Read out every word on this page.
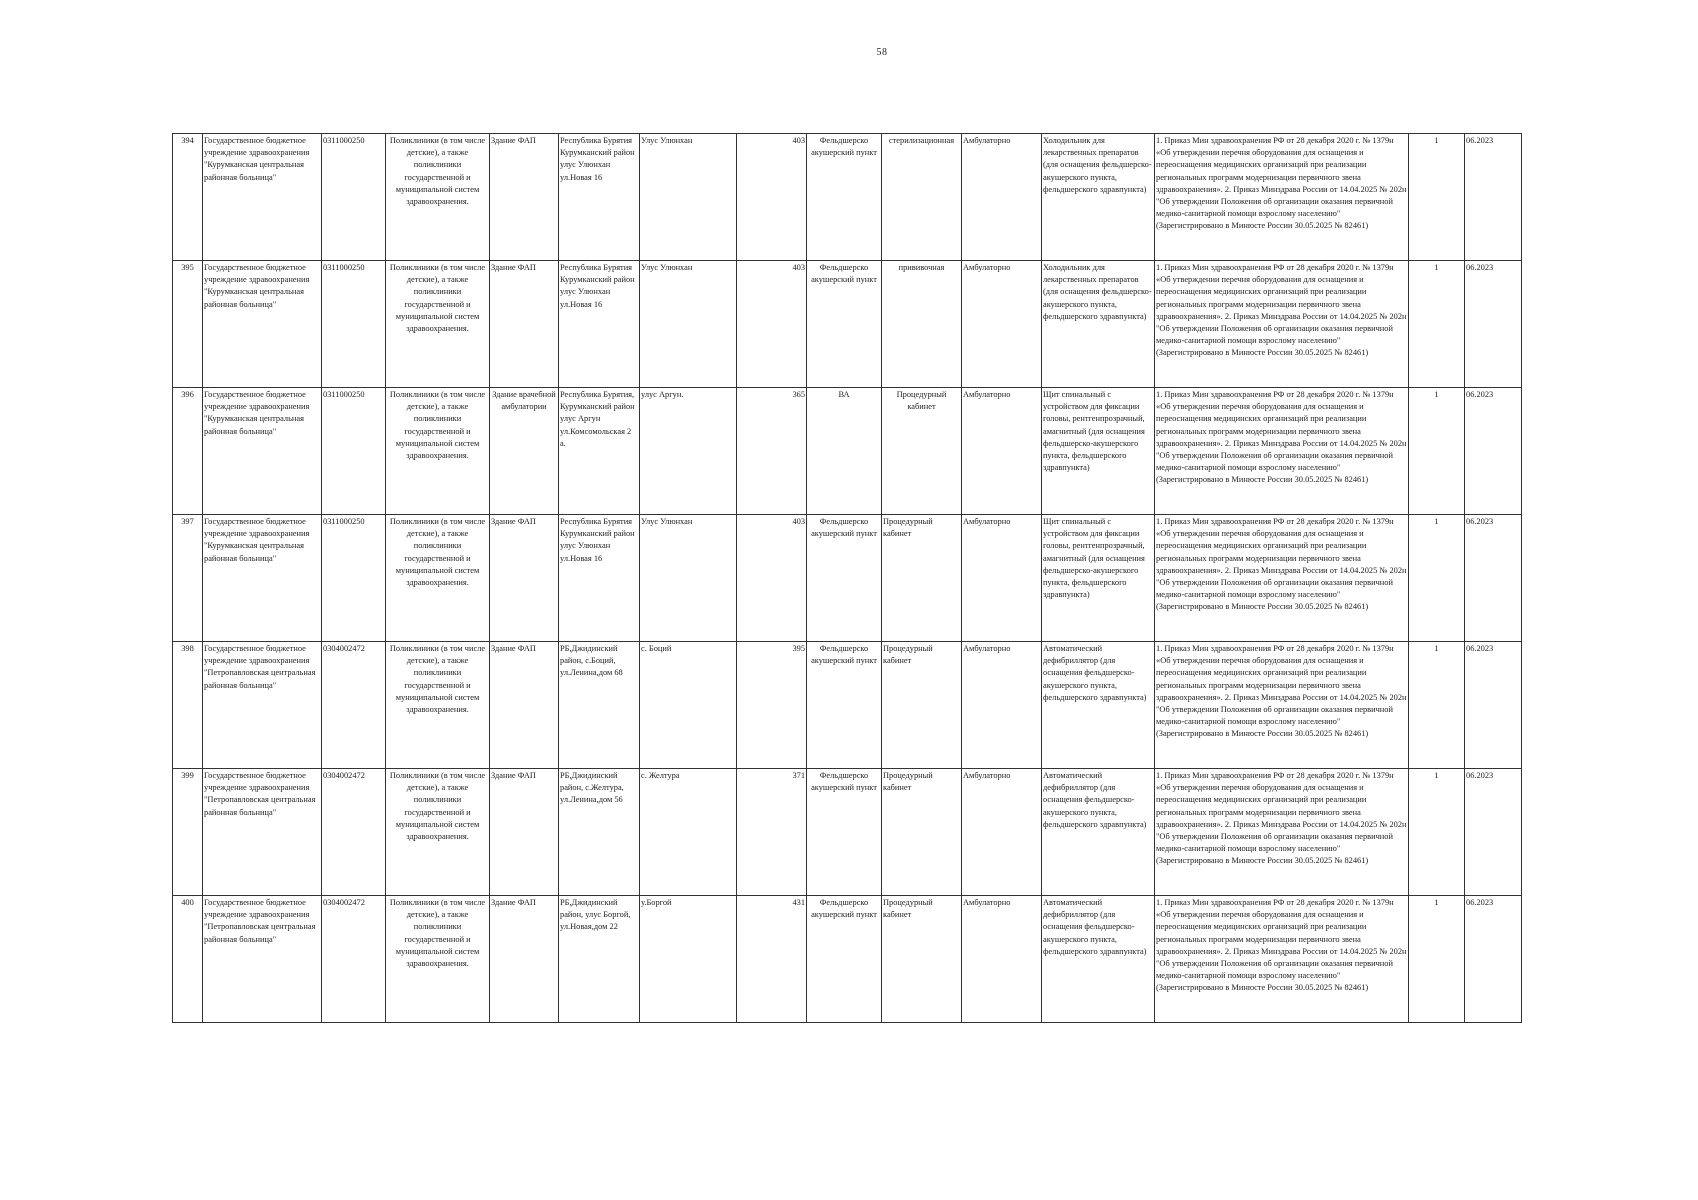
58
394	Государственное бюджетное учреждение здравоохранения "Курумканская центральная районная больница"	0311000250	Поликлиники (в том числе детские), а также поликлиники государственной и муниципальной систем здравоохранения.	Здание ФАП	Республика Бурятия Курумканский район улус Улюнхан ул.Новая 16	Улус Улюнхан	403	Фельдшерско акушерский пункт	стерилизационная	Амбулаторно	Холодильник для лекарственных препаратов (для оснащения фельдшерско-акушерского пункта, фельдшерского здравпункта)	1. Приказ Мин здравоохранения РФ от 28 декабря 2020 г. № 1379н «Об утверждении перечня оборудования для оснащения и переоснащения медицинских организаций при реализации региональных программ модернизации первичного звена здравоохранения». 2. Приказ Минздрава России от 14.04.2025 № 202н "Об утверждении Положения об организации оказания первичной медико-санитарной помощи взрослому населению" (Зарегистрировано в Минюсте России 30.05.2025 № 82461)	1	06.2023
395	Государственное бюджетное учреждение здравоохранения "Курумканская центральная районная больница"	0311000250	Поликлиники (в том числе детские), а также поликлиники государственной и муниципальной систем здравоохранения.	Здание ФАП	Республика Бурятия Курумканский район улус Улюнхан ул.Новая 16	Улус Улюнхан	403	Фельдшерско акушерский пункт	прививочная	Амбулаторно	Холодильник для лекарственных препаратов (для оснащения фельдшерско-акушерского пункта, фельдшерского здравпункта)	1. Приказ Мин здравоохранения РФ от 28 декабря 2020 г. № 1379н «Об утверждении перечня оборудования для оснащения и переоснащения медицинских организаций при реализации региональных программ модернизации первичного звена здравоохранения». 2. Приказ Минздрава России от 14.04.2025 № 202н "Об утверждении Положения об организации оказания первичной медико-санитарной помощи взрослому населению" (Зарегистрировано в Минюсте России 30.05.2025 № 82461)	1	06.2023
396	Государственное бюджетное учреждение здравоохранения "Курумканская центральная районная больница"	0311000250	Поликлиники (в том числе детские), а также поликлиники государственной и муниципальной систем здравоохранения.	Здание врачебной амбулатории	Республика Бурятия, Курумканский район улус Аргун ул.Комсомольская 2 а.	улус Аргун.	365	ВА	Процедурный кабинет	Амбулаторно	Щит спинальный с устройством для фиксации головы, рентгенпрозрачный, амагнитный (для оснащения фельдшерско-акушерского пункта, фельдшерского здравпункта)	1. Приказ Мин здравоохранения РФ от 28 декабря 2020 г. № 1379н «Об утверждении перечня оборудования для оснащения и переоснащения медицинских организаций при реализации региональных программ модернизации первичного звена здравоохранения». 2. Приказ Минздрава России от 14.04.2025 № 202н "Об утверждении Положения об организации оказания первичной медико-санитарной помощи взрослому населению" (Зарегистрировано в Минюсте России 30.05.2025 № 82461)	1	06.2023
397	Государственное бюджетное учреждение здравоохранения "Курумканская центральная районная больница"	0311000250	Поликлиники (в том числе детские), а также поликлиники государственной и муниципальной систем здравоохранения.	Здание ФАП	Республика Бурятия Курумканский район улус Улюнхан ул.Новая 16	Улус Улюнхан	403	Фельдшерско акушерский пункт	Процедурный кабинет	Амбулаторно	Щит спинальный с устройством для фиксации головы, рентгенпрозрачный, амагнитный (для оснащения фельдшерско-акушерского пункта, фельдшерского здравпункта)	1. Приказ Мин здравоохранения РФ от 28 декабря 2020 г. № 1379н «Об утверждении перечня оборудования для оснащения и переоснащения медицинских организаций при реализации региональных программ модернизации первичного звена здравоохранения». 2. Приказ Минздрава России от 14.04.2025 № 202н "Об утверждении Положения об организации оказания первичной медико-санитарной помощи взрослому населению" (Зарегистрировано в Минюсте России 30.05.2025 № 82461)	1	06.2023
398	Государственное бюджетное учреждение здравоохранения "Петропавловская центральная районная больница"	0304002472	Поликлиники (в том числе детские), а также поликлиники государственной и муниципальной систем здравоохранения.	Здание ФАП	РБ,Джидинский район, с.Боций, ул.Ленина,дом 68	с. Боций	395	Фельдшерско акушерский пункт	Процедурный кабинет	Амбулаторно	Автоматический дефибриллятор (для оснащения фельдшерско-акушерского пункта, фельдшерского здравпункта)	1. Приказ Мин здравоохранения РФ от 28 декабря 2020 г. № 1379н «Об утверждении перечня оборудования для оснащения и переоснащения медицинских организаций при реализации региональных программ модернизации первичного звена здравоохранения». 2. Приказ Минздрава России от 14.04.2025 № 202н "Об утверждении Положения об организации оказания первичной медико-санитарной помощи взрослому населению" (Зарегистрировано в Минюсте России 30.05.2025 № 82461)	1	06.2023
399	Государственное бюджетное учреждение здравоохранения "Петропавловская центральная районная больница"	0304002472	Поликлиники (в том числе детские), а также поликлиники государственной и муниципальной систем здравоохранения.	Здание ФАП	РБ,Джидинский район, с.Желтура, ул.Ленина,дом 56	с. Желтура	371	Фельдшерско акушерский пункт	Процедурный кабинет	Амбулаторно	Автоматический дефибриллятор (для оснащения фельдшерско-акушерского пункта, фельдшерского здравпункта)	1. Приказ Мин здравоохранения РФ от 28 декабря 2020 г. № 1379н «Об утверждении перечня оборудования для оснащения и переоснащения медицинских организаций при реализации региональных программ модернизации первичного звена здравоохранения». 2. Приказ Минздрава России от 14.04.2025 № 202н "Об утверждении Положения об организации оказания первичной медико-санитарной помощи взрослому населению" (Зарегистрировано в Минюсте России 30.05.2025 № 82461)	1	06.2023
400	Государственное бюджетное учреждение здравоохранения "Петропавловская центральная районная больница"	0304002472	Поликлиники (в том числе детские), а также поликлиники государственной и муниципальной систем здравоохранения.	Здание ФАП	РБ,Джидинский район, улус Боргой, ул.Новая,дом 22	у.Боргой	431	Фельдшерско акушерский пункт	Процедурный кабинет	Амбулаторно	Автоматический дефибриллятор (для оснащения фельдшерско-акушерского пункта, фельдшерского здравпункта)	1. Приказ Мин здравоохранения РФ от 28 декабря 2020 г. № 1379н «Об утверждении перечня оборудования для оснащения и переоснащения медицинских организаций при реализации региональных программ модернизации первичного звена здравоохранения». 2. Приказ Минздрава России от 14.04.2025 № 202н "Об утверждении Положения об организации оказания первичной медико-санитарной помощи взрослому населению" (Зарегистрировано в Минюсте России 30.05.2025 № 82461)	1	06.2023
